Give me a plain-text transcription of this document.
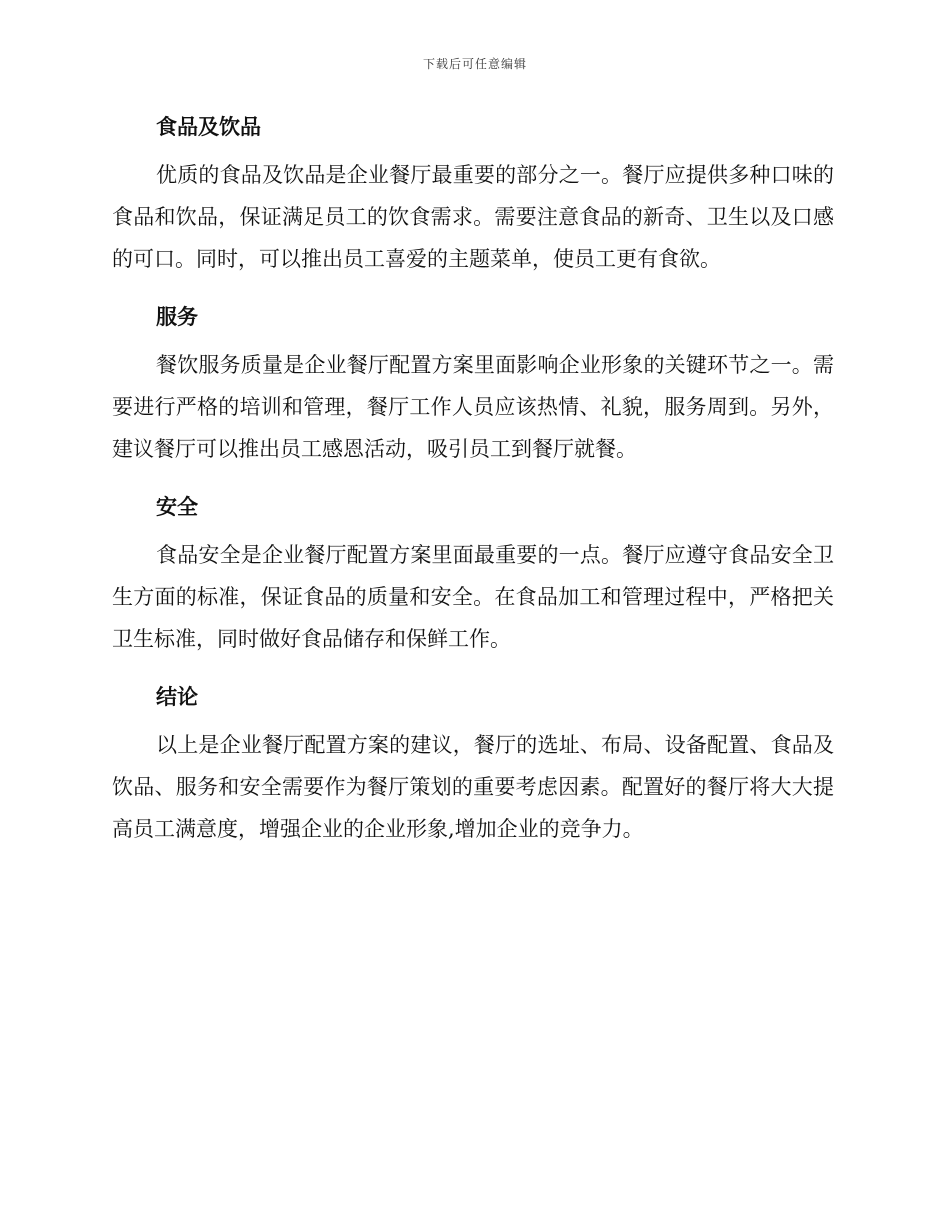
下载后可任意编辑
食品及饮品

优质的食品及饮品是企业餐厅最重要的部分之一。餐厅应提供多种口味的食品和饮品，保证满足员工的饮食需求。需要注意食品的新奇、卫生以及口感的可口。同时，可以推出员工喜爱的主题菜单，使员工更有食欲。

服务

餐饮服务质量是企业餐厅配置方案里面影响企业形象的关键环节之一。需要进行严格的培训和管理，餐厅工作人员应该热情、礼貌，服务周到。另外，建议餐厅可以推出员工感恩活动，吸引员工到餐厅就餐。

安全

食品安全是企业餐厅配置方案里面最重要的一点。餐厅应遵守食品安全卫生方面的标准，保证食品的质量和安全。在食品加工和管理过程中，严格把关卫生标准，同时做好食品储存和保鲜工作。

结论

以上是企业餐厅配置方案的建议，餐厅的选址、布局、设备配置、食品及饮品、服务和安全需要作为餐厅策划的重要考虑因素。配置好的餐厅将大大提高员工满意度，增强企业的企业形象,增加企业的竞争力。
